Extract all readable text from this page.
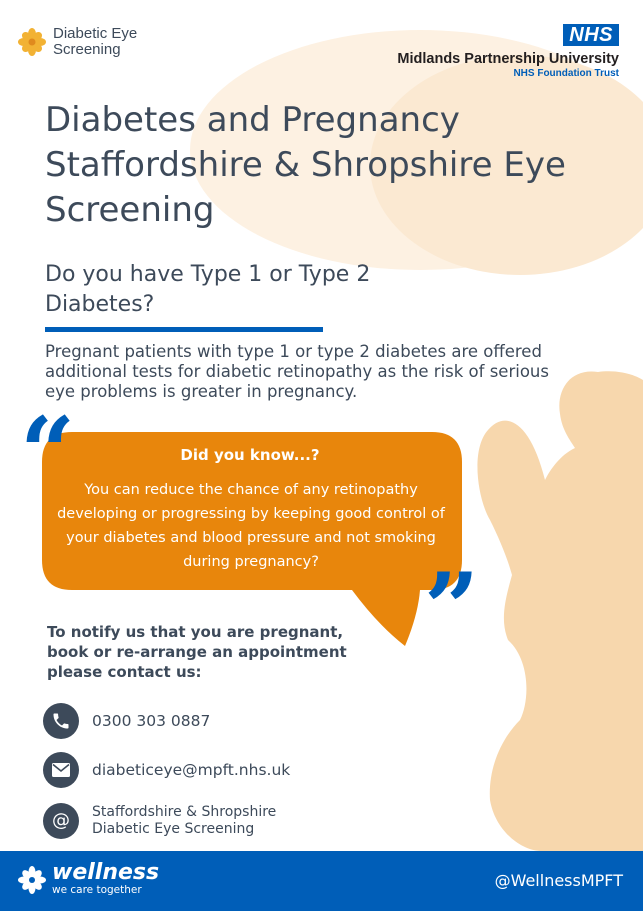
Diabetic Eye
Screening
NHS
Midlands Partnership University
NHS Foundation Trust
Diabetes and Pregnancy Staffordshire & Shropshire Eye Screening
Do you have Type 1 or Type 2 Diabetes?

Pregnant patients with type 1 or type 2 diabetes are offered additional tests for diabetic retinopathy as the risk of serious eye problems is greater in pregnancy.

“
”
Did you know...?

You can reduce the chance of any retinopathy developing or progressing by keeping good control of your diabetes and blood pressure and not smoking during pregnancy?

To notify us that you are pregnant, book or re-arrange an appointment please contact us:

0300 303 0887
diabeticeye@mpft.nhs.uk
@ Staffordshire & Shropshire
Diabetic Eye Screening
wellness
we care together	@WellnessMPFT
